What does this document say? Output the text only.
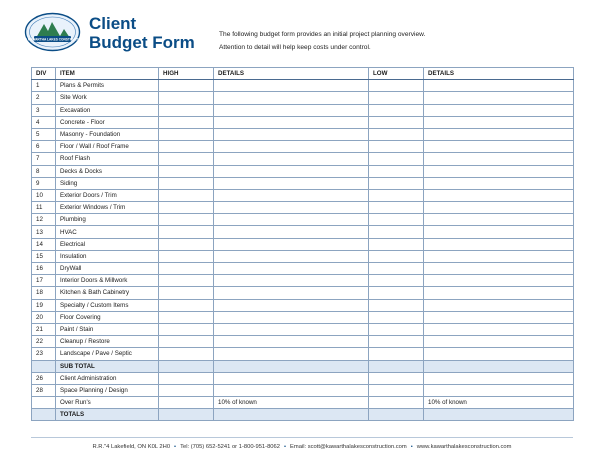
THE KAWARTHA LAKES CONSTRUCTION
Client
Budget Form	The following budget form provides an initial project planning overview.
Attention to detail will help keep costs under control.
DIV	ITEM	HIGH	DETAILS	LOW	DETAILS
1	Plans & Permits				
2	Site Work				
3	Excavation				
4	Concrete - Floor				
5	Masonry - Foundation				
6	Floor / Wall / Roof Frame				
7	Roof Flash				
8	Decks & Docks				
9	Siding				
10	Exterior Doors / Trim				
11	Exterior Windows / Trim				
12	Plumbing				
13	HVAC				
14	Electrical				
15	Insulation				
16	DryWall				
17	Interior Doors & Millwork				
18	Kitchen & Bath Cabinetry				
19	Specialty / Custom Items				
20	Floor Covering				
21	Paint / Stain				
22	Cleanup / Restore				
23	Landscape / Pave / Septic				
	SUB TOTAL				
26	Client Administration				
28	Space Planning / Design				
	Over Run's		10% of known		10% of known
	TOTALS				
R.R."4 Lakefield, ON K0L 2H0 • Tel: (705) 652-5241 or 1-800-951-8062 • Email: scott@kawarthalakesconstruction.com • www.kawarthalakesconstruction.com
